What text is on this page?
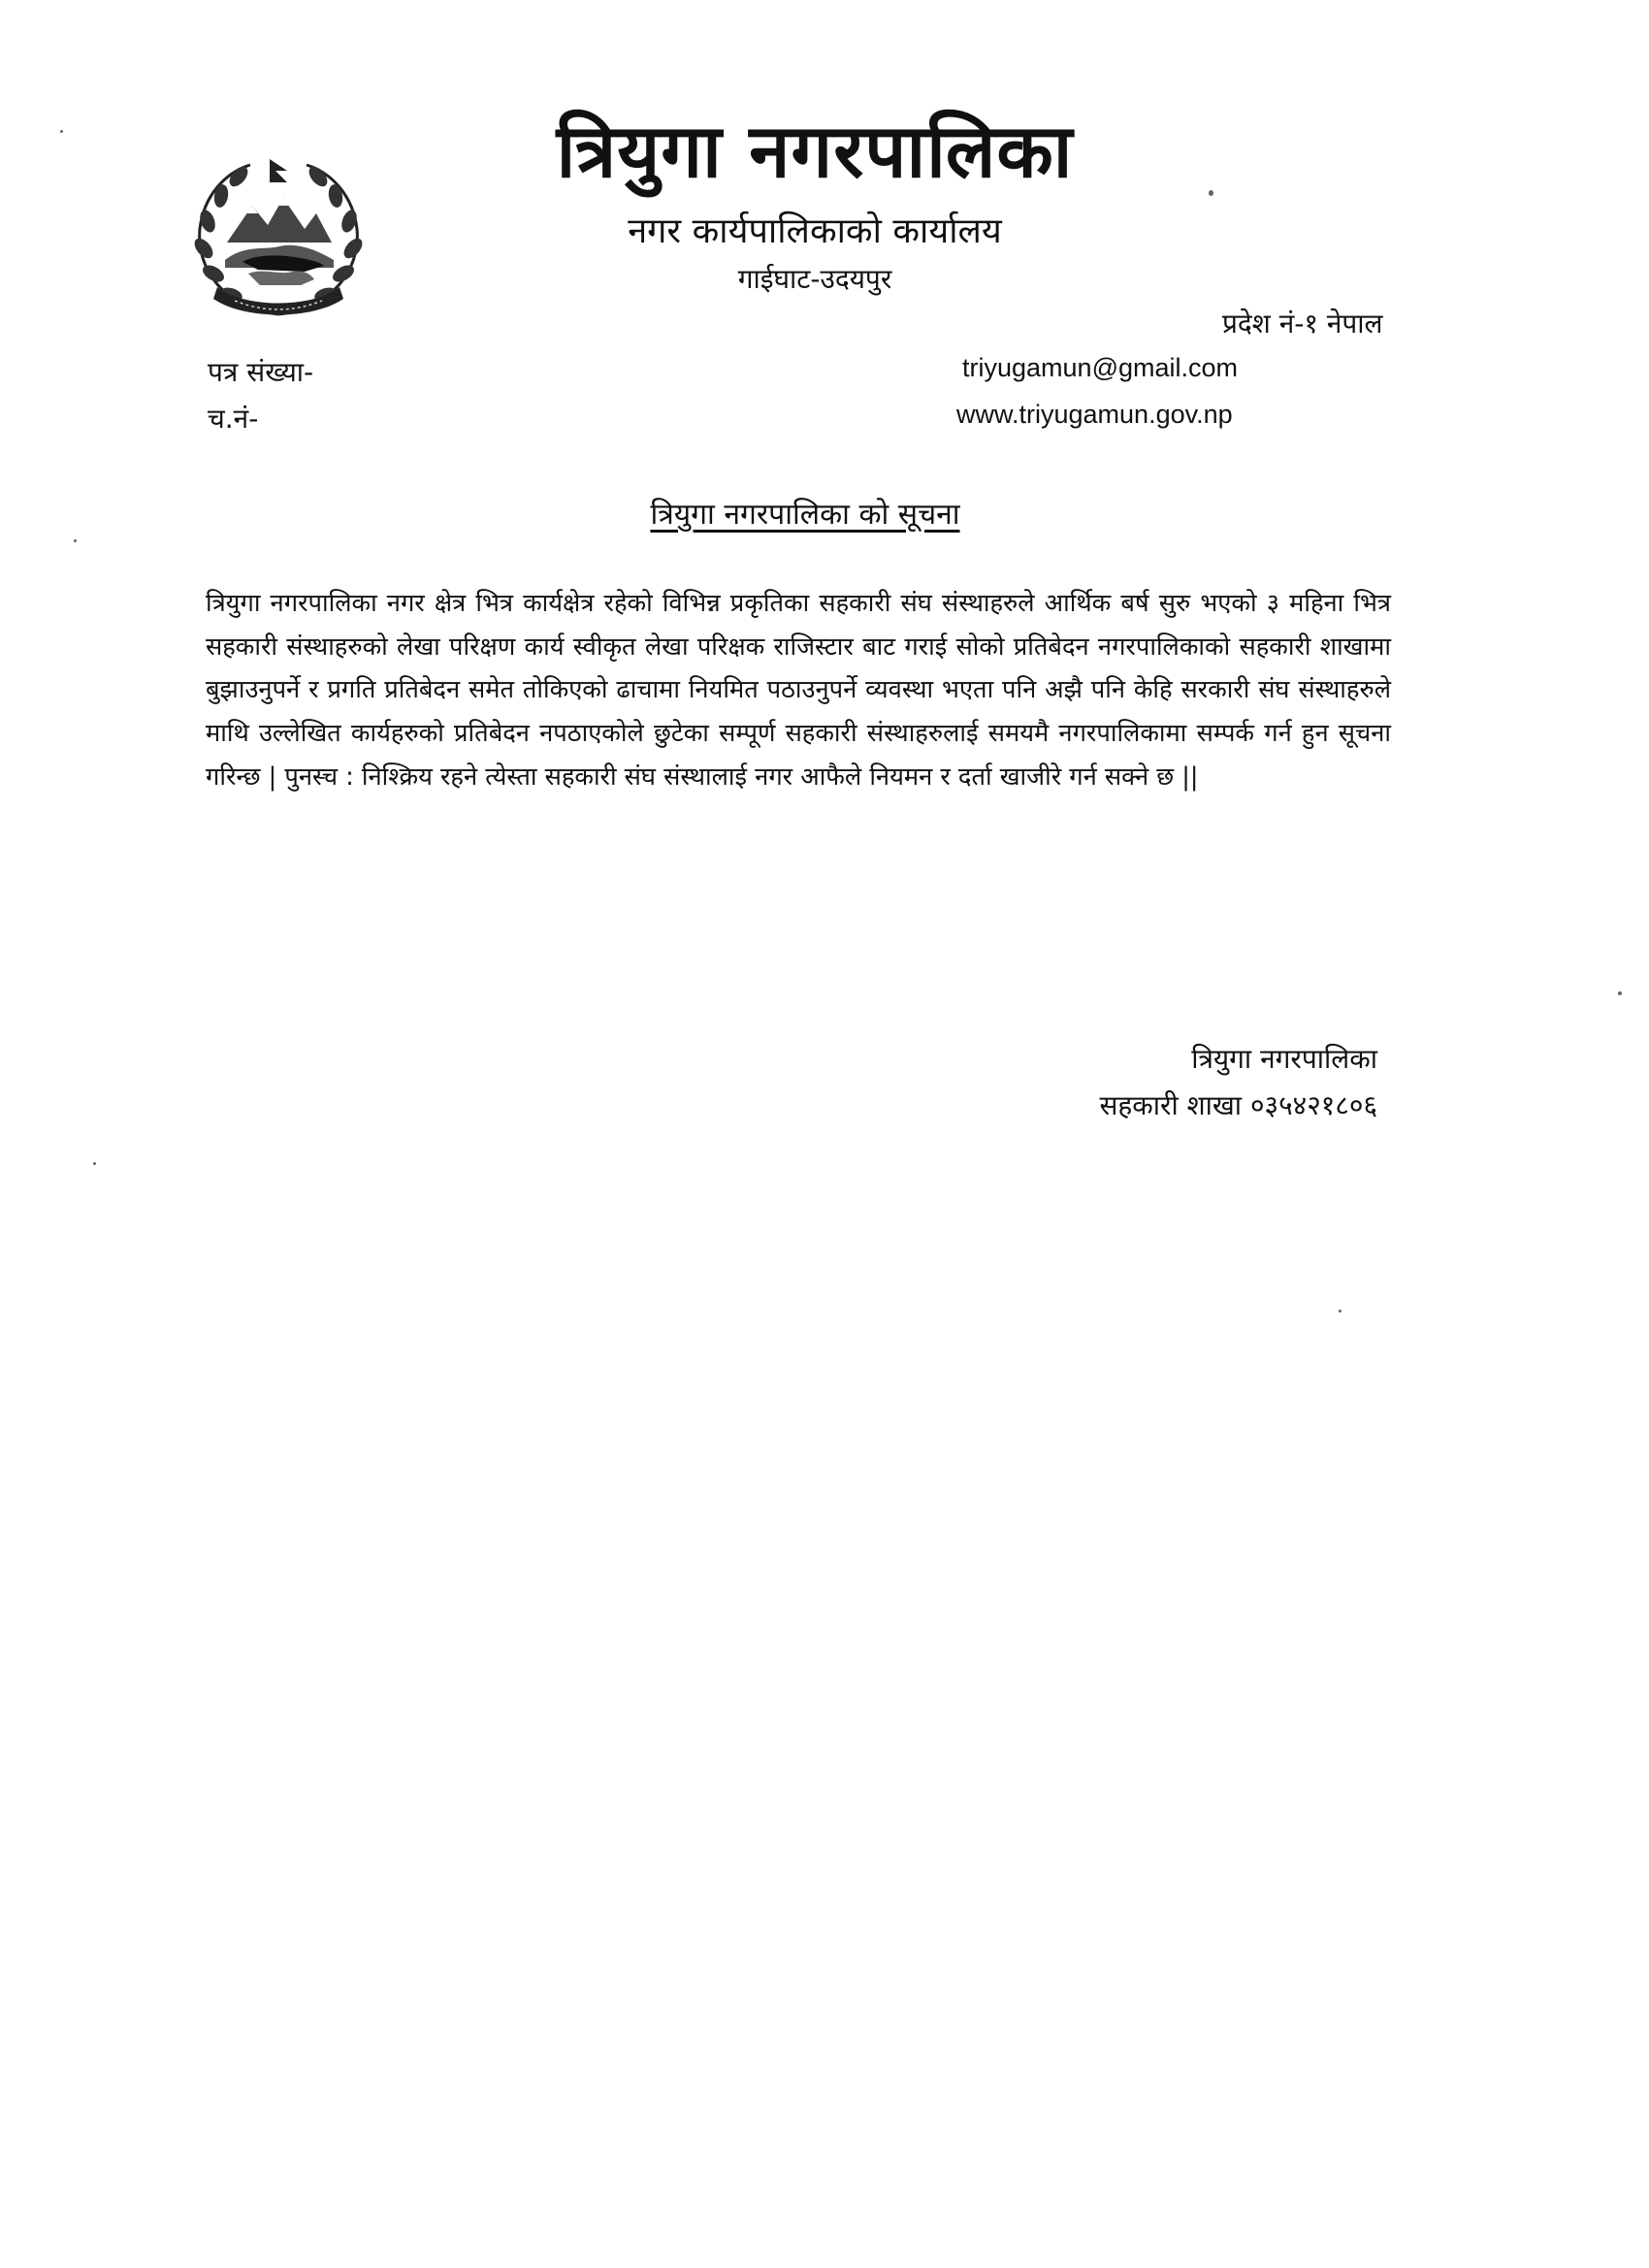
त्रियुगा नगरपालिका
नगर कार्यपालिकाको कार्यालय
गाईघाट-उदयपुर
प्रदेश नं-१ नेपाल
पत्र संख्या-
च.नं-
triyugamun@gmail.com
www.triyugamun.gov.np
त्रियुगा नगरपालिका को सूचना
त्रियुगा नगरपालिका नगर क्षेत्र भित्र कार्यक्षेत्र रहेको विभिन्न प्रकृतिका सहकारी संघ संस्थाहरुले आर्थिक बर्ष सुरु भएको ३ महिना भित्र सहकारी संस्थाहरुको लेखा परिक्षण कार्य स्वीकृत लेखा परिक्षक राजिस्टार बाट गराई सोको प्रतिबेदन नगरपालिकाको सहकारी शाखामा बुझाउनुपर्ने र प्रगति प्रतिबेदन समेत तोकिएको ढाचामा नियमित पठाउनुपर्ने व्यवस्था भएता पनि अझै पनि केहि सरकारी संघ संस्थाहरुले माथि उल्लेखित कार्यहरुको प्रतिबेदन नपठाएकोले छुटेका सम्पूर्ण सहकारी संस्थाहरुलाई समयमै नगरपालिकामा सम्पर्क गर्न हुन सूचना गरिन्छ | पुनस्च : निश्क्रिय रहने त्येस्ता सहकारी संघ संस्थालाई नगर आफैले नियमन र दर्ता खाजीरे गर्न सक्ने छ ||
त्रियुगा नगरपालिका
सहकारी शाखा ०३५४२१८०६
